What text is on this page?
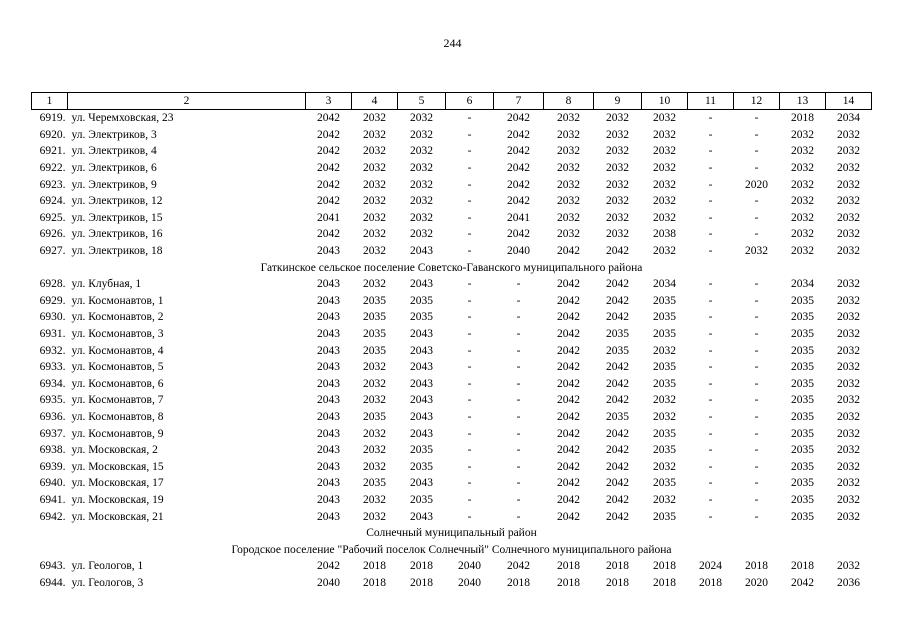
244
1	2	3	4	5	6	7	8	9	10	11	12	13	14
6919.	ул. Черемховская, 23	2042	2032	2032	-	2042	2032	2032	2032	-	-	2018	2034
6920.	ул. Электриков, 3	2042	2032	2032	-	2042	2032	2032	2032	-	-	2032	2032
6921.	ул. Электриков, 4	2042	2032	2032	-	2042	2032	2032	2032	-	-	2032	2032
6922.	ул. Электриков, 6	2042	2032	2032	-	2042	2032	2032	2032	-	-	2032	2032
6923.	ул. Электриков, 9	2042	2032	2032	-	2042	2032	2032	2032	-	2020	2032	2032
6924.	ул. Электриков, 12	2042	2032	2032	-	2042	2032	2032	2032	-	-	2032	2032
6925.	ул. Электриков, 15	2041	2032	2032	-	2041	2032	2032	2032	-	-	2032	2032
6926.	ул. Электриков, 16	2042	2032	2032	-	2042	2032	2032	2038	-	-	2032	2032
6927.	ул. Электриков, 18	2043	2032	2043	-	2040	2042	2042	2032	-	2032	2032	2032
Гаткинское сельское поселение Советско-Гаванского муниципального района													
6928.	ул. Клубная, 1	2043	2032	2043	-	-	2042	2042	2034	-	-	2034	2032
6929.	ул. Космонавтов, 1	2043	2035	2035	-	-	2042	2042	2035	-	-	2035	2032
6930.	ул. Космонавтов, 2	2043	2035	2035	-	-	2042	2042	2035	-	-	2035	2032
6931.	ул. Космонавтов, 3	2043	2035	2043	-	-	2042	2035	2035	-	-	2035	2032
6932.	ул. Космонавтов, 4	2043	2035	2043	-	-	2042	2035	2032	-	-	2035	2032
6933.	ул. Космонавтов, 5	2043	2032	2043	-	-	2042	2042	2035	-	-	2035	2032
6934.	ул. Космонавтов, 6	2043	2032	2043	-	-	2042	2042	2035	-	-	2035	2032
6935.	ул. Космонавтов, 7	2043	2032	2043	-	-	2042	2042	2032	-	-	2035	2032
6936.	ул. Космонавтов, 8	2043	2035	2043	-	-	2042	2035	2032	-	-	2035	2032
6937.	ул. Космонавтов, 9	2043	2032	2043	-	-	2042	2042	2035	-	-	2035	2032
6938.	ул. Московская, 2	2043	2032	2035	-	-	2042	2042	2035	-	-	2035	2032
6939.	ул. Московская, 15	2043	2032	2035	-	-	2042	2042	2032	-	-	2035	2032
6940.	ул. Московская, 17	2043	2035	2043	-	-	2042	2042	2035	-	-	2035	2032
6941.	ул. Московская, 19	2043	2032	2035	-	-	2042	2042	2032	-	-	2035	2032
6942.	ул. Московская, 21	2043	2032	2043	-	-	2042	2042	2035	-	-	2035	2032
Солнечный муниципальный район													
Городское поселение "Рабочий поселок Солнечный" Солнечного муниципального района													
6943.	ул. Геологов, 1	2042	2018	2018	2040	2042	2018	2018	2018	2024	2018	2018	2032
6944.	ул. Геологов, 3	2040	2018	2018	2040	2018	2018	2018	2018	2018	2020	2042	2036
